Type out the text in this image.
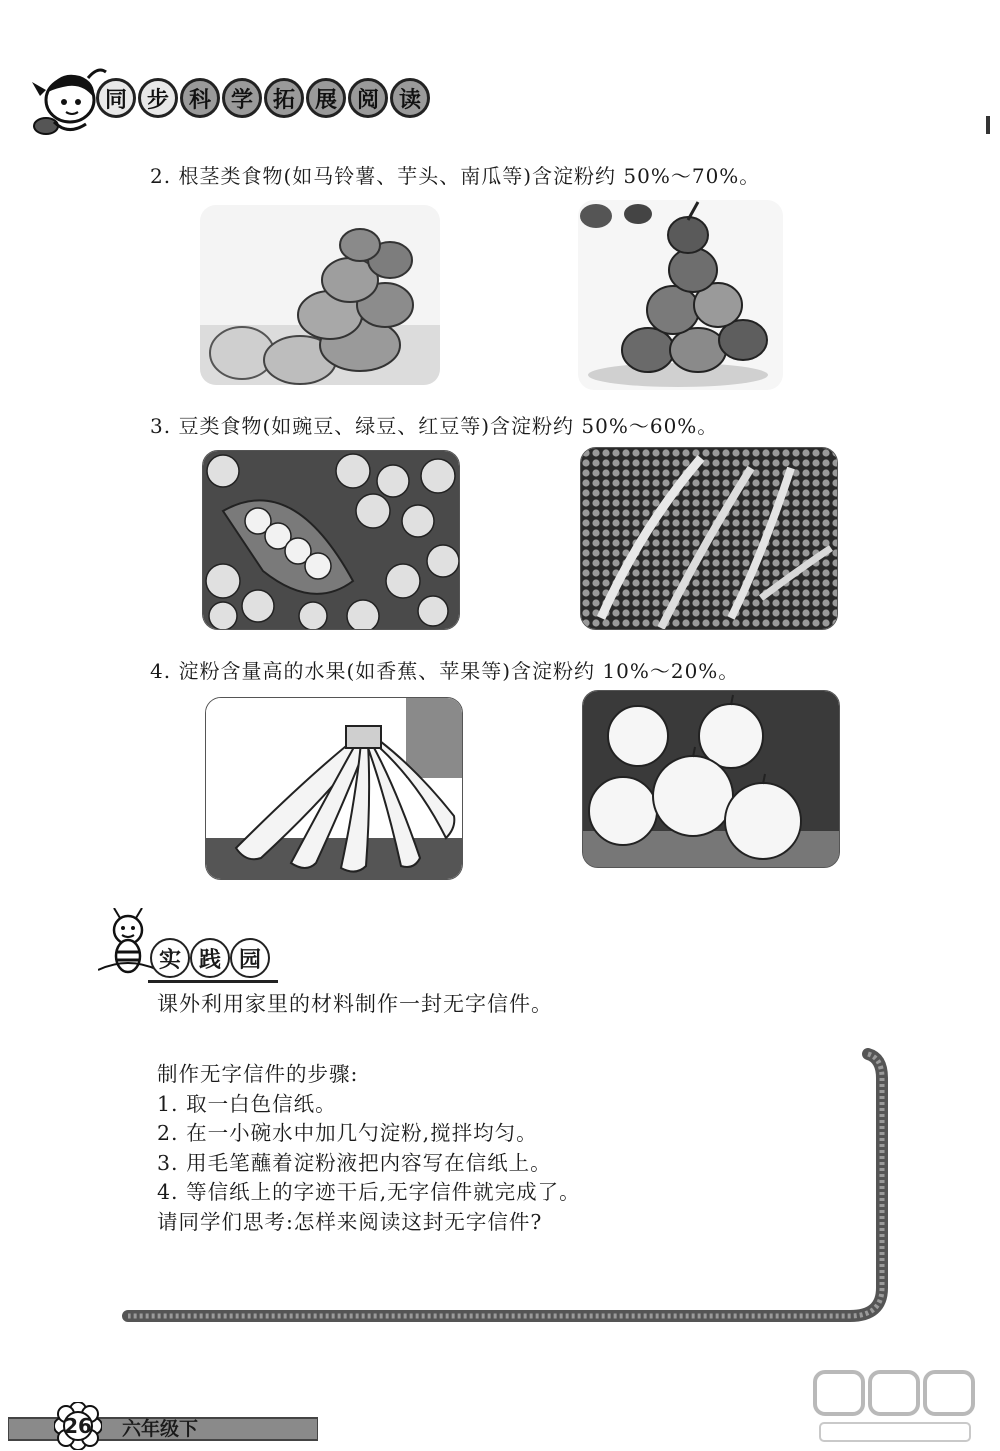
同 步 科 学 拓 展 阅 读
2. 根茎类食物(如马铃薯、芋头、南瓜等)含淀粉约 50%～70%。
3. 豆类食物(如豌豆、绿豆、红豆等)含淀粉约 50%～60%。
4. 淀粉含量高的水果(如香蕉、苹果等)含淀粉约 10%～20%。
实 践 园
课外利用家里的材料制作一封无字信件。
制作无字信件的步骤:
1. 取一白色信纸。
2. 在一小碗水中加几勺淀粉,搅拌均匀。
3. 用毛笔蘸着淀粉液把内容写在信纸上。
4. 等信纸上的字迹干后,无字信件就完成了。
请同学们思考:怎样来阅读这封无字信件?
26	六年级下
